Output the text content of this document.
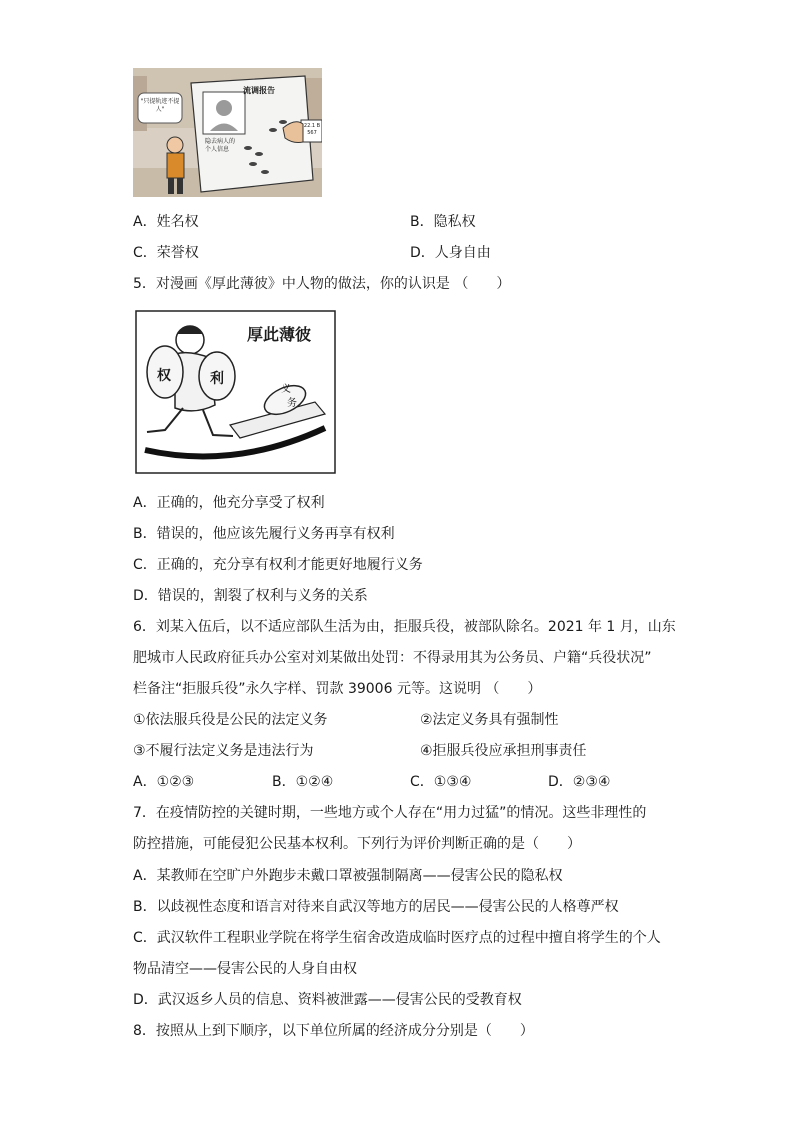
流调报告
"只提轨迹不提人"
隐去病人的个人信息
22.1 B 567
A．姓名权	B．隐私权
C．荣誉权	D．人身自由
5．对漫画《厚此薄彼》中人物的做法，你的认识是 （　　）
厚此薄彼
权	利
义
务
A．正确的，他充分享受了权利
B．错误的，他应该先履行义务再享有权利
C．正确的，充分享有权利才能更好地履行义务
D．错误的，割裂了权利与义务的关系
6．刘某入伍后，以不适应部队生活为由，拒服兵役，被部队除名。2021 年 1 月，山东
肥城市人民政府征兵办公室对刘某做出处罚：不得录用其为公务员、户籍“兵役状况”
栏备注“拒服兵役”永久字样、罚款 39006 元等。这说明 （　　）
①依法服兵役是公民的法定义务	②法定义务具有强制性
③不履行法定义务是违法行为	④拒服兵役应承担刑事责任
A．①②③	B．①②④	C．①③④	D．②③④
7．在疫情防控的关键时期，一些地方或个人存在“用力过猛”的情况。这些非理性的
防控措施，可能侵犯公民基本权利。下列行为评价判断正确的是（　　）
A．某教师在空旷户外跑步未戴口罩被强制隔离——侵害公民的隐私权
B．以歧视性态度和语言对待来自武汉等地方的居民——侵害公民的人格尊严权
C．武汉软件工程职业学院在将学生宿舍改造成临时医疗点的过程中擅自将学生的个人
物品清空——侵害公民的人身自由权
D．武汉返乡人员的信息、资料被泄露——侵害公民的受教育权
8．按照从上到下顺序，以下单位所属的经济成分分别是（　　）
